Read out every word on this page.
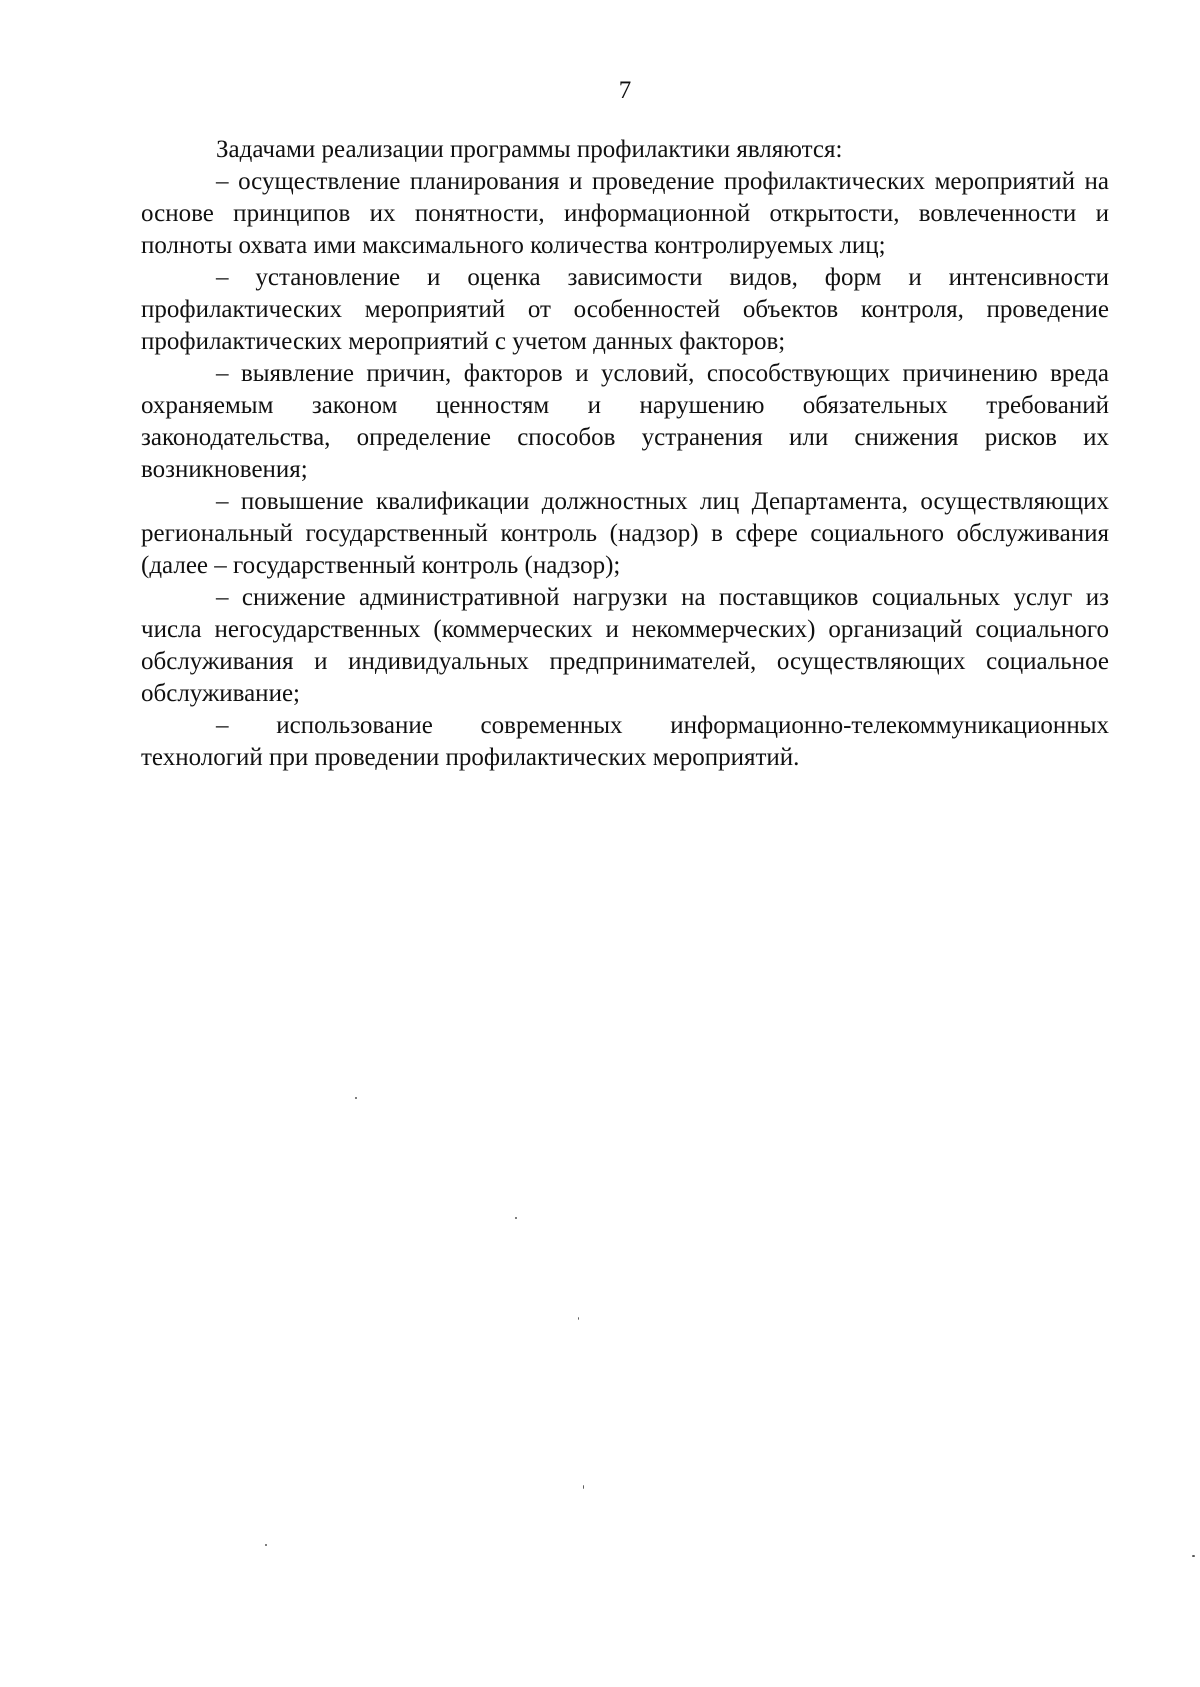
7

Задачами реализации программы профилактики являются:

– осуществление планирования и проведение профилактических мероприятий на основе принципов их понятности, информационной открытости, вовлеченности и полноты охвата ими максимального количества контролируемых лиц;

– установление и оценка зависимости видов, форм и интенсивности профилактических мероприятий от особенностей объектов контроля, проведение профилактических мероприятий с учетом данных факторов;

– выявление причин, факторов и условий, способствующих причинению вреда охраняемым законом ценностям и нарушению обязательных требований законодательства, определение способов устранения или снижения рисков их возникновения;

– повышение квалификации должностных лиц Департамента, осуществляющих региональный государственный контроль (надзор) в сфере социального обслуживания (далее – государственный контроль (надзор);

– снижение административной нагрузки на поставщиков социальных услуг из числа негосударственных (коммерческих и некоммерческих) организаций социального обслуживания и индивидуальных предпринимателей, осуществляющих социальное обслуживание;

– использование современных информационно-телекоммуникационных технологий при проведении профилактических мероприятий.
